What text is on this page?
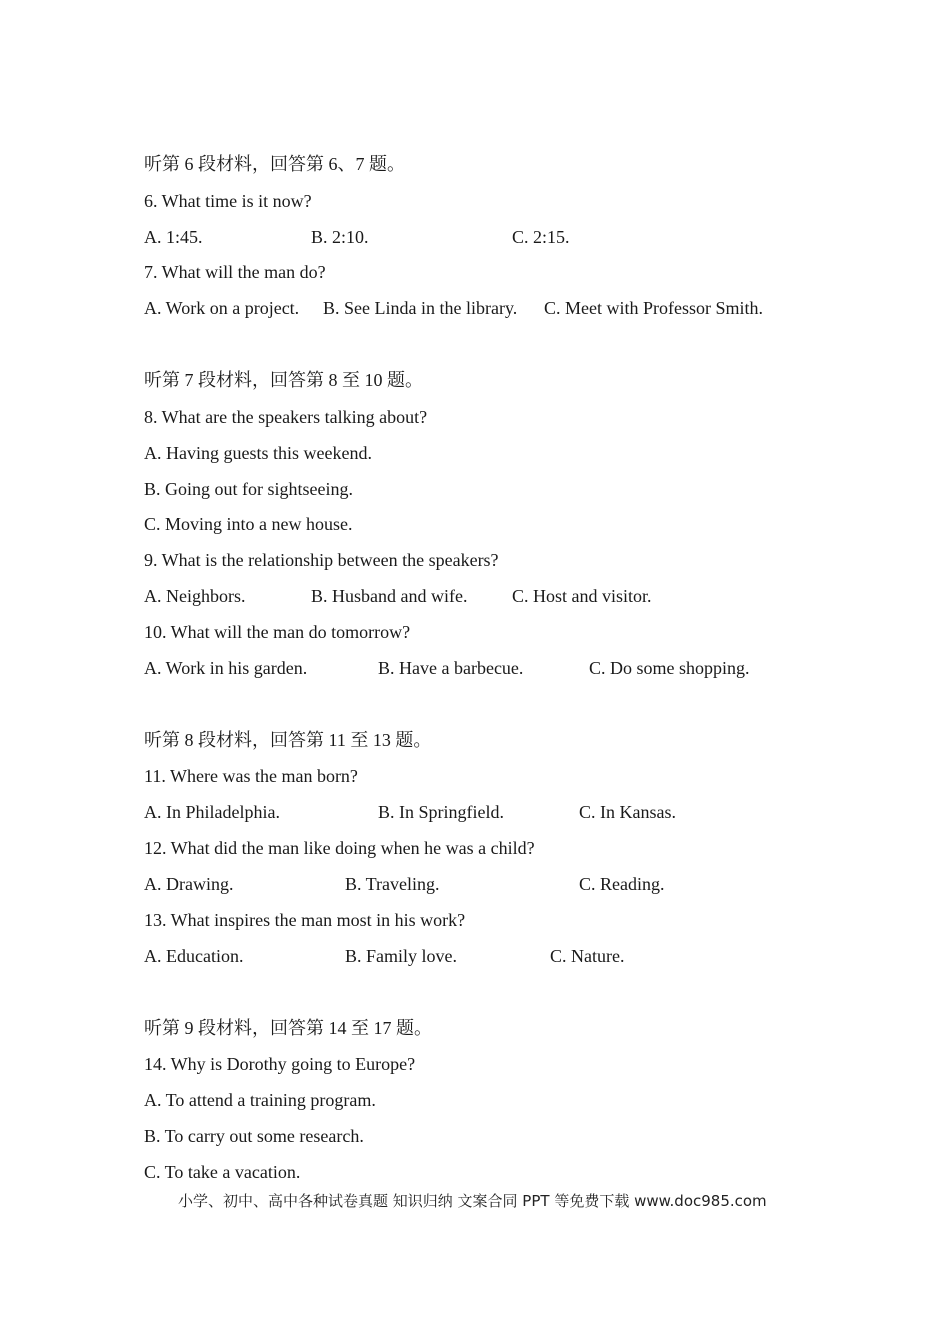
听第 6 段材料，回答第 6、7 题。
6. What time is it now?
A. 1:45.	B. 2:10.	C. 2:15.
7. What will the man do?
A. Work on a project. B. See Linda in the library. C. Meet with Professor Smith.
听第 7 段材料，回答第 8 至 10 题。
8. What are the speakers talking about?
A. Having guests this weekend.
B. Going out for sightseeing.
C. Moving into a new house.
9. What is the relationship between the speakers?
A. Neighbors.	B. Husband and wife. C. Host and visitor.
10. What will the man do tomorrow?
A. Work in his garden.	B. Have a barbecue.	C. Do some shopping.
听第 8 段材料，回答第 11 至 13 题。
11. Where was the man born?
A. In Philadelphia.	B. In Springfield.	C. In Kansas.
12. What did the man like doing when he was a child?
A. Drawing.	B. Traveling.	C. Reading.
13. What inspires the man most in his work?
A. Education.	B. Family love.	C. Nature.
听第 9 段材料，回答第 14 至 17 题。
14. Why is Dorothy going to Europe?
A. To attend a training program.
B. To carry out some research.
C. To take a vacation.
小学、初中、高中各种试卷真题 知识归纳 文案合同 PPT 等免费下载 www.doc985.com
